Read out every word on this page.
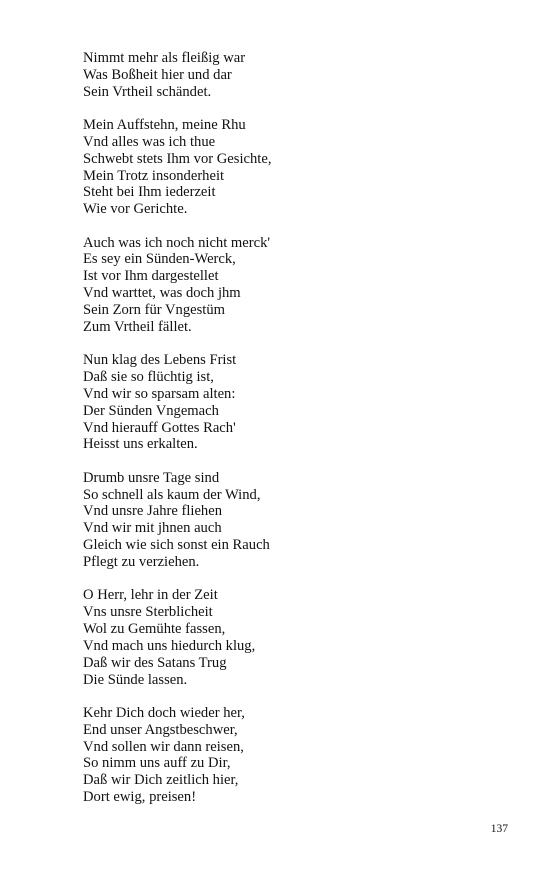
Nimmt mehr als fleißig war
Was Boßheit hier und dar
Sein Vrtheil schändet.
Mein Auffstehn, meine Rhu
Vnd alles was ich thue
Schwebt stets Ihm vor Gesichte,
Mein Trotz insonderheit
Steht bei Ihm iederzeit
Wie vor Gerichte.
Auch was ich noch nicht merck'
Es sey ein Sünden-Werck,
Ist vor Ihm dargestellet
Vnd warttet, was doch jhm
Sein Zorn für Vngestüm
Zum Vrtheil fället.
Nun klag des Lebens Frist
Daß sie so flüchtig ist,
Vnd wir so sparsam alten:
Der Sünden Vngemach
Vnd hierauff Gottes Rach'
Heisst uns erkalten.
Drumb unsre Tage sind
So schnell als kaum der Wind,
Vnd unsre Jahre fliehen
Vnd wir mit jhnen auch
Gleich wie sich sonst ein Rauch
Pflegt zu verziehen.
O Herr, lehr in der Zeit
Vns unsre Sterblicheit
Wol zu Gemühte fassen,
Vnd mach uns hiedurch klug,
Daß wir des Satans Trug
Die Sünde lassen.
Kehr Dich doch wieder her,
End unser Angstbeschwer,
Vnd sollen wir dann reisen,
So nimm uns auff zu Dir,
Daß wir Dich zeitlich hier,
Dort ewig, preisen!
137
